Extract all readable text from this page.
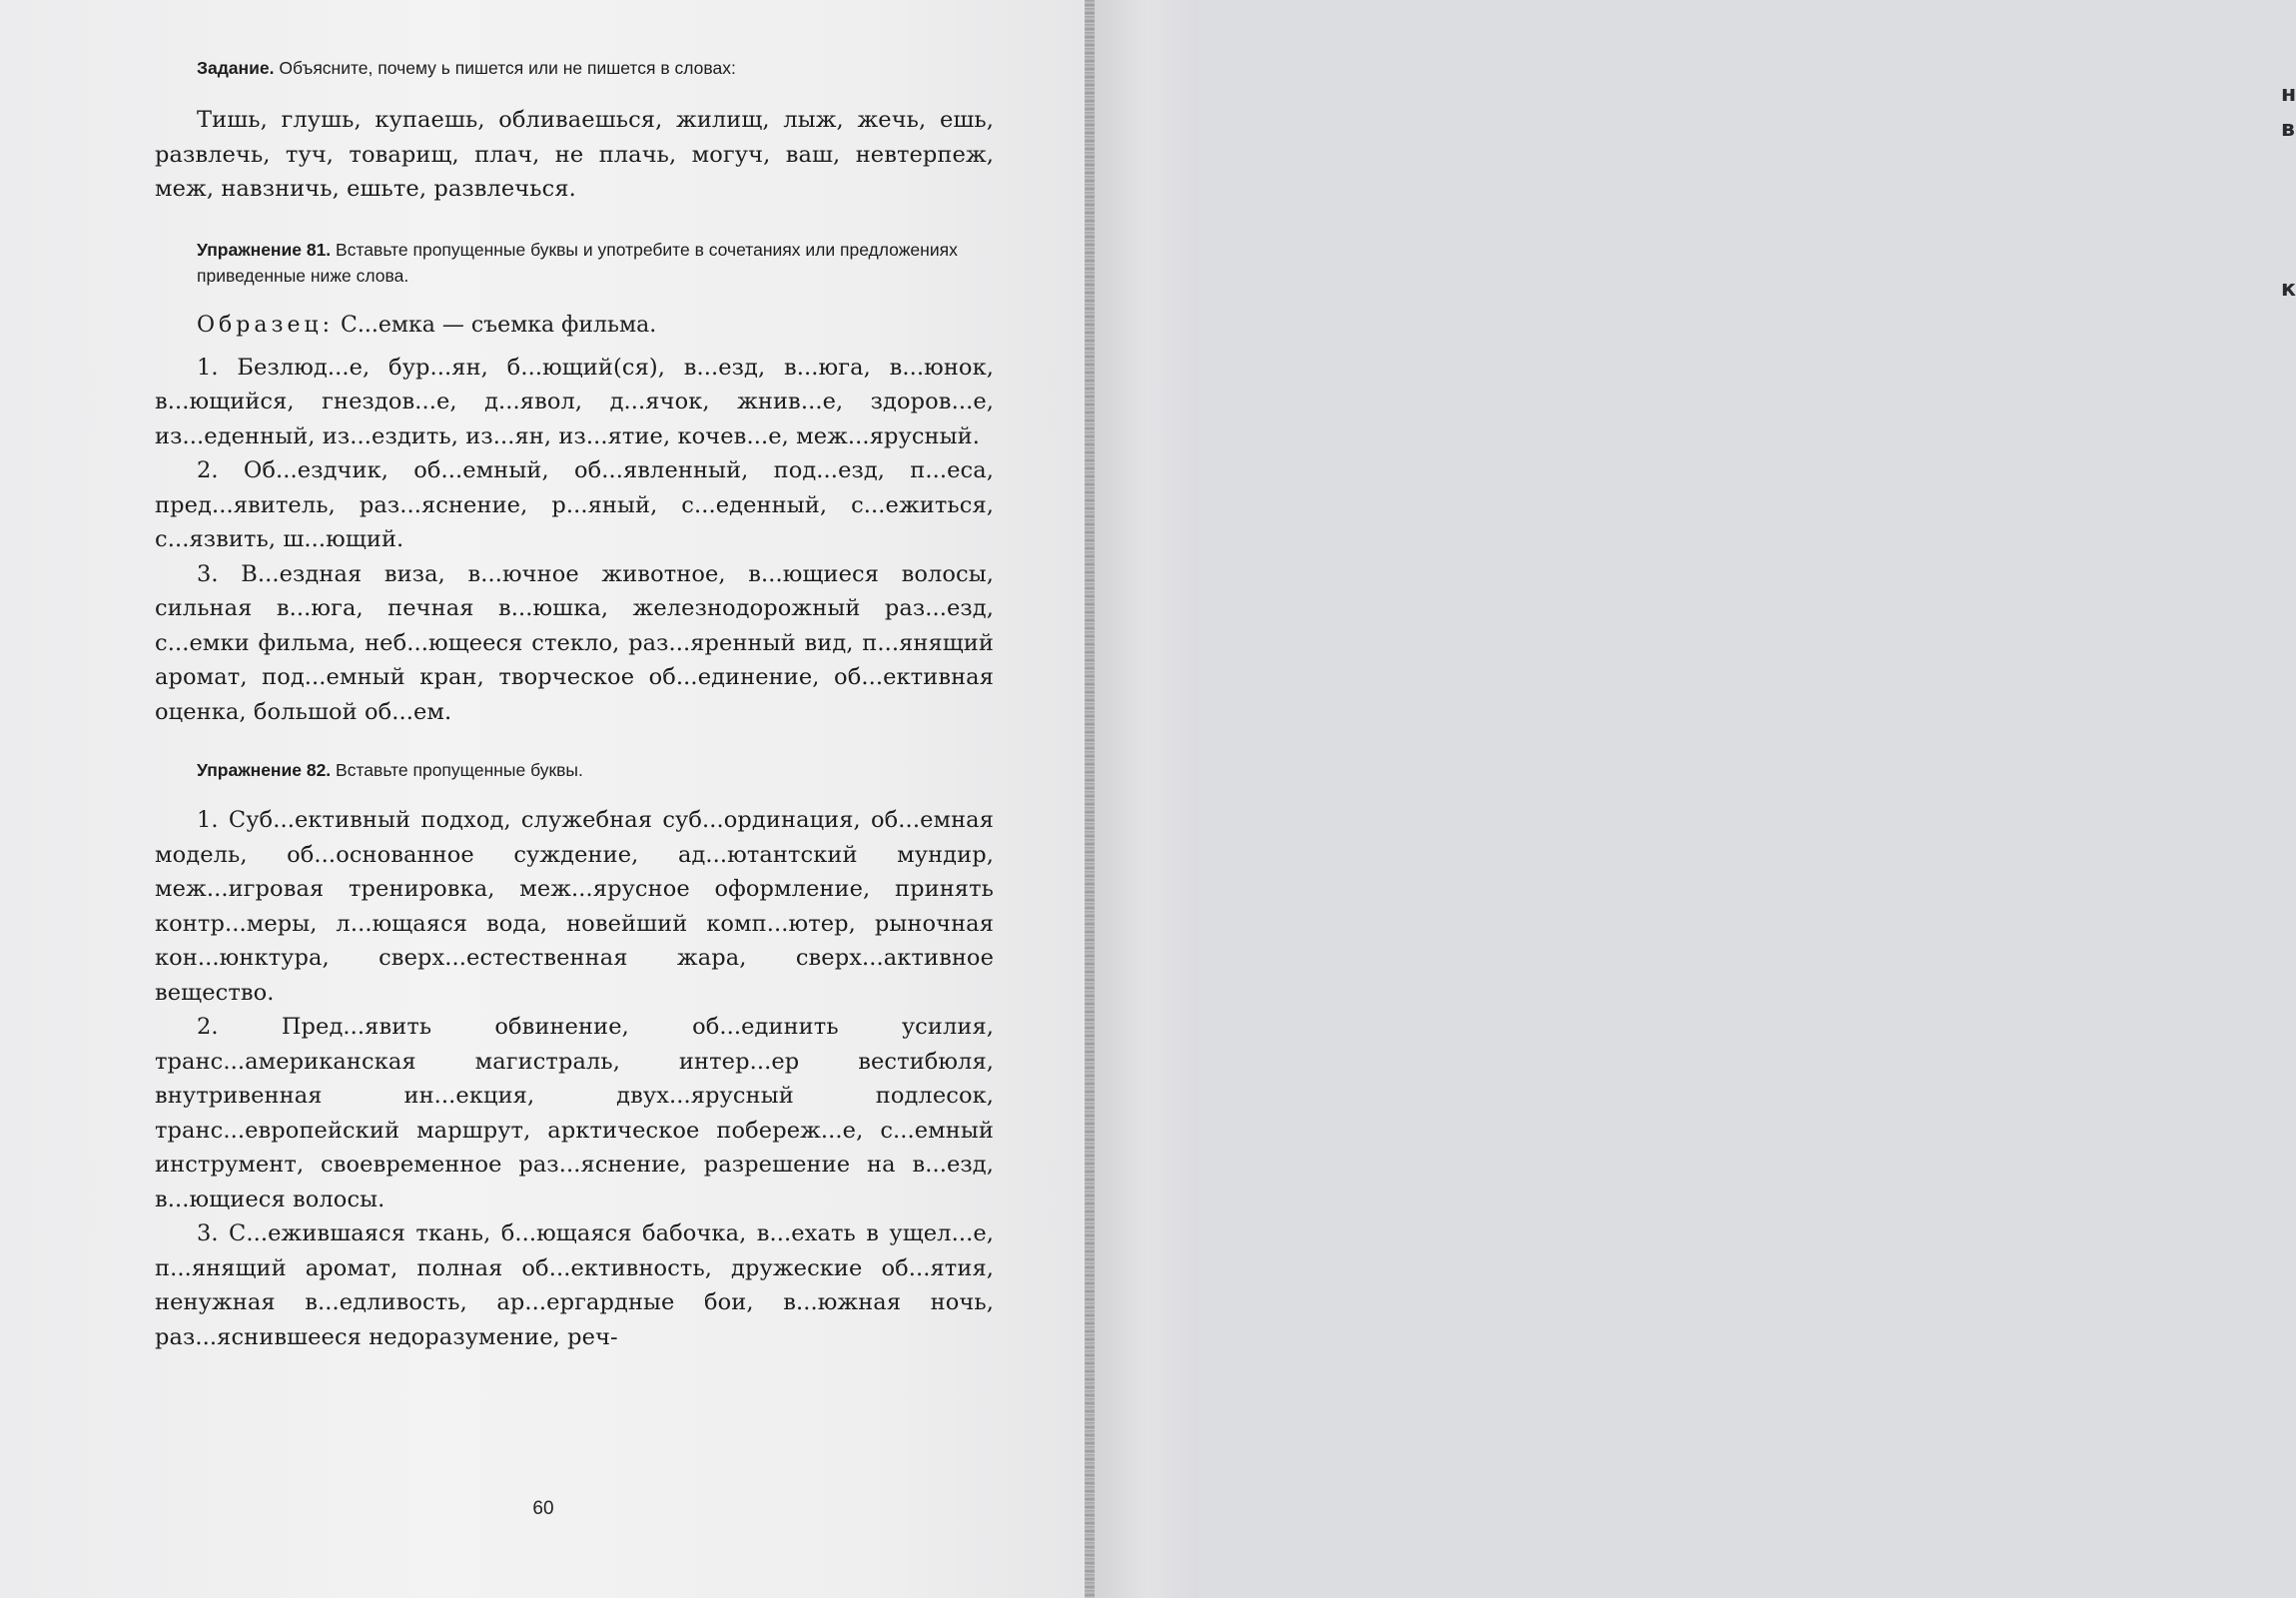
Задание. Объясните, почему ь пишется или не пишется в словах:

Тишь, глушь, купаешь, обливаешься, жилищ, лыж, жечь, ешь, развлечь, туч, товарищ, плач, не плачь, могуч, ваш, невтерпеж, меж, навзничь, ешьте, развлечься.

Упражнение 81. Вставьте пропущенные буквы и употребите в сочетаниях или предложениях приведенные ниже слова.

Образец: С...емка — съемка фильма.

1. Безлюд...е, бур...ян, б...ющий(ся), в...езд, в...юга, в...юнок, в...ющийся, гнездов...е, д...явол, д...ячок, жнив...е, здоров...е, из...еденный, из...ездить, из...ян, из...ятие, кочев...е, меж...ярусный.

2. Об...ездчик, об...емный, об...явленный, под...езд, п...еса, пред...явитель, раз...яснение, р...яный, с...еденный, с...ежиться, с...язвить, ш...ющий.

3. В...ездная виза, в...ючное животное, в...ющиеся волосы, сильная в...юга, печная в...юшка, железнодорожный раз...езд, с...емки фильма, неб...ющееся стекло, раз...яренный вид, п...янящий аромат, под...емный кран, творческое об...единение, об...ективная оценка, большой об...ем.

Упражнение 82. Вставьте пропущенные буквы.

1. Суб...ективный подход, служебная суб...ординация, об...емная модель, об...основанное суждение, ад...ютантский мундир, меж...игровая тренировка, меж...ярусное оформление, принять контр...меры, л...ющаяся вода, новейший комп...ютер, рыночная кон...юнктура, сверх...естественная жара, сверх...активное вещество.

2. Пред...явить обвинение, об...единить усилия, транс...американская магистраль, интер...ер вестибюля, внутривенная ин...екция, двух...ярусный подлесок, транс...европейский маршрут, арктическое побереж...е, с...емный инструмент, своевременное раз...яснение, разрешение на в...езд, в...ющиеся волосы.

3. С...ежившаяся ткань, б...ющаяся бабочка, в...ехать в ущел...е, п...янящий аромат, полная об...ективность, дружеские об...ятия, ненужная в...едливость, ар...ергардные бои, в...южная ночь, раз...яснившееся недоразумение, реч-

60
н
в
к
